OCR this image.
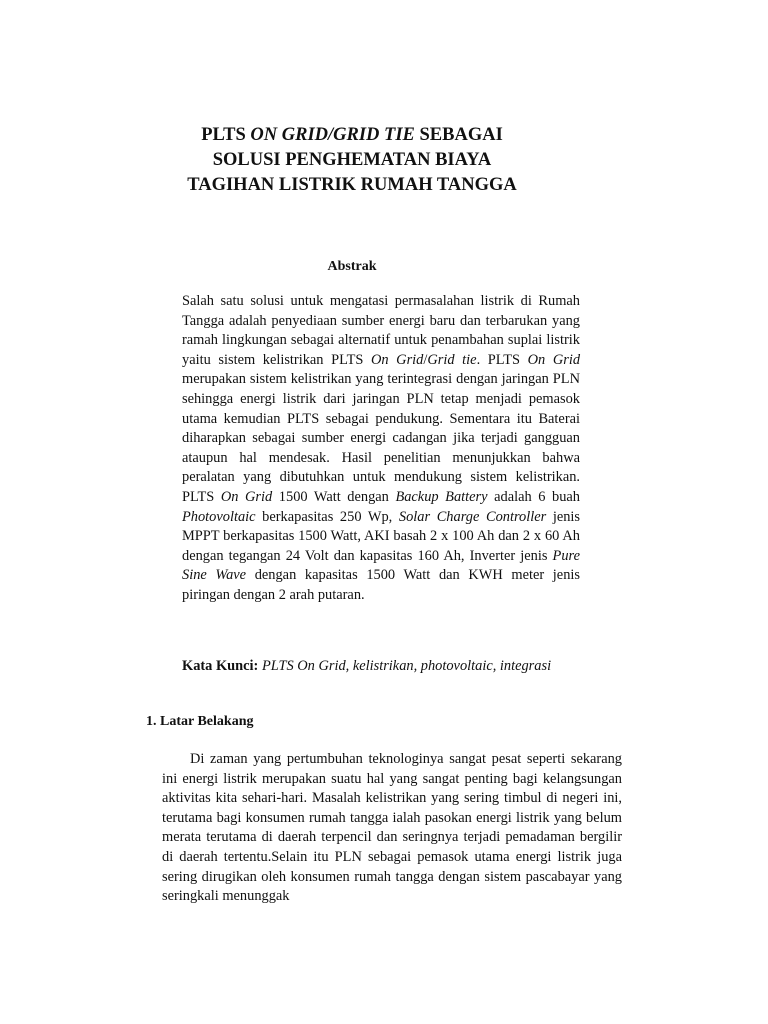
PLTS ON GRID/GRID TIE SEBAGAI
SOLUSI PENGHEMATAN BIAYA
TAGIHAN LISTRIK RUMAH TANGGA
Abstrak

Salah satu solusi untuk mengatasi permasalahan listrik di Rumah Tangga adalah penyediaan sumber energi baru dan terbarukan yang ramah lingkungan sebagai alternatif untuk penambahan suplai listrik yaitu sistem kelistrikan PLTS On Grid/Grid tie. PLTS On Grid merupakan sistem kelistrikan yang terintegrasi dengan jaringan PLN sehingga energi listrik dari jaringan PLN tetap menjadi pemasok utama kemudian PLTS sebagai pendukung. Sementara itu Baterai diharapkan sebagai sumber energi cadangan jika terjadi gangguan ataupun hal mendesak. Hasil penelitian menunjukkan bahwa peralatan yang dibutuhkan untuk mendukung sistem kelistrikan. PLTS On Grid 1500 Watt dengan Backup Battery adalah 6 buah Photovoltaic berkapasitas 250 Wp, Solar Charge Controller jenis MPPT berkapasitas 1500 Watt, AKI basah 2 x 100 Ah dan 2 x 60 Ah dengan tegangan 24 Volt dan kapasitas 160 Ah, Inverter jenis Pure Sine Wave dengan kapasitas 1500 Watt dan KWH meter jenis piringan dengan 2 arah putaran.

Kata Kunci: PLTS On Grid, kelistrikan, photovoltaic, integrasi

1. Latar Belakang

Di zaman yang pertumbuhan teknologinya sangat pesat seperti sekarang ini energi listrik merupakan suatu hal yang sangat penting bagi kelangsungan aktivitas kita sehari-hari. Masalah kelistrikan yang sering timbul di negeri ini, terutama bagi konsumen rumah tangga ialah pasokan energi listrik yang belum merata terutama di daerah terpencil dan seringnya terjadi pemadaman bergilir di daerah tertentu.Selain itu PLN sebagai pemasok utama energi listrik juga sering dirugikan oleh konsumen rumah tangga dengan sistem pascabayar yang seringkali menunggak
